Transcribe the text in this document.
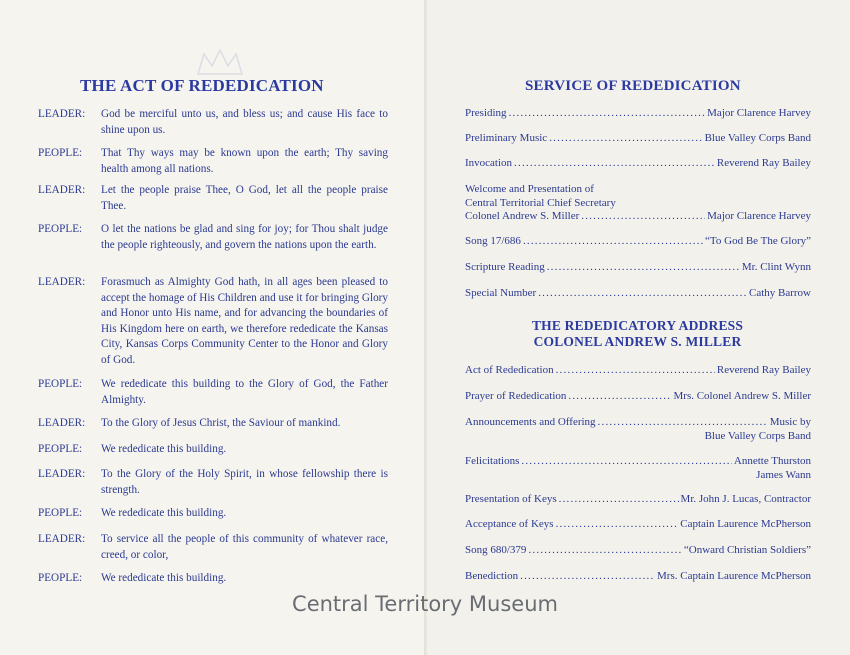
THE ACT OF REDEDICATION
LEADER:	God be merciful unto us, and bless us; and cause His face to shine upon us.
PEOPLE:	That Thy ways may be known upon the earth; Thy saving health among all nations.
LEADER:	Let the people praise Thee, O God, let all the people praise Thee.
PEOPLE:	O let the nations be glad and sing for joy; for Thou shalt judge the people righteously, and govern the nations upon the earth.
LEADER:	Forasmuch as Almighty God hath, in all ages been pleased to accept the homage of His Children and use it for bringing Glory and Honor unto His name, and for advancing the boundaries of His Kingdom here on earth, we therefore rededicate the Kansas City, Kansas Corps Community Center to the Honor and Glory of God.
PEOPLE:	We rededicate this building to the Glory of God, the Father Almighty.
LEADER:	To the Glory of Jesus Christ, the Saviour of mankind.
PEOPLE:	We rededicate this building.
LEADER:	To the Glory of the Holy Spirit, in whose fellowship there is strength.
PEOPLE:	We rededicate this building.
LEADER:	To service all the people of this community of whatever race, creed, or color,
PEOPLE:	We rededicate this building.
SERVICE OF REDEDICATION
Presiding .....	Major Clarence Harvey
Preliminary Music .....	Blue Valley Corps Band
Invocation .....	Reverend Ray Bailey
Welcome and Presentation of
Central Territorial Chief Secretary
Colonel Andrew S. Miller .....	Major Clarence Harvey
Song 17/686 .....	“To God Be The Glory”
Scripture Reading .....	Mr. Clint Wynn
Special Number .....	Cathy Barrow
THE REDEDICATORY ADDRESS
COLONEL ANDREW S. MILLER
Act of Rededication .....	Reverend Ray Bailey
Prayer of Rededication .....	Mrs. Colonel Andrew S. Miller
Announcements and Offering .....	Music by
Blue Valley Corps Band
Felicitations .....	Annette Thurston
James Wann
Presentation of Keys .....	Mr. John J. Lucas, Contractor
Acceptance of Keys .....	Captain Laurence McPherson
Song 680/379 .....	“Onward Christian Soldiers”
Benediction .....	Mrs. Captain Laurence McPherson
Central Territory Museum
